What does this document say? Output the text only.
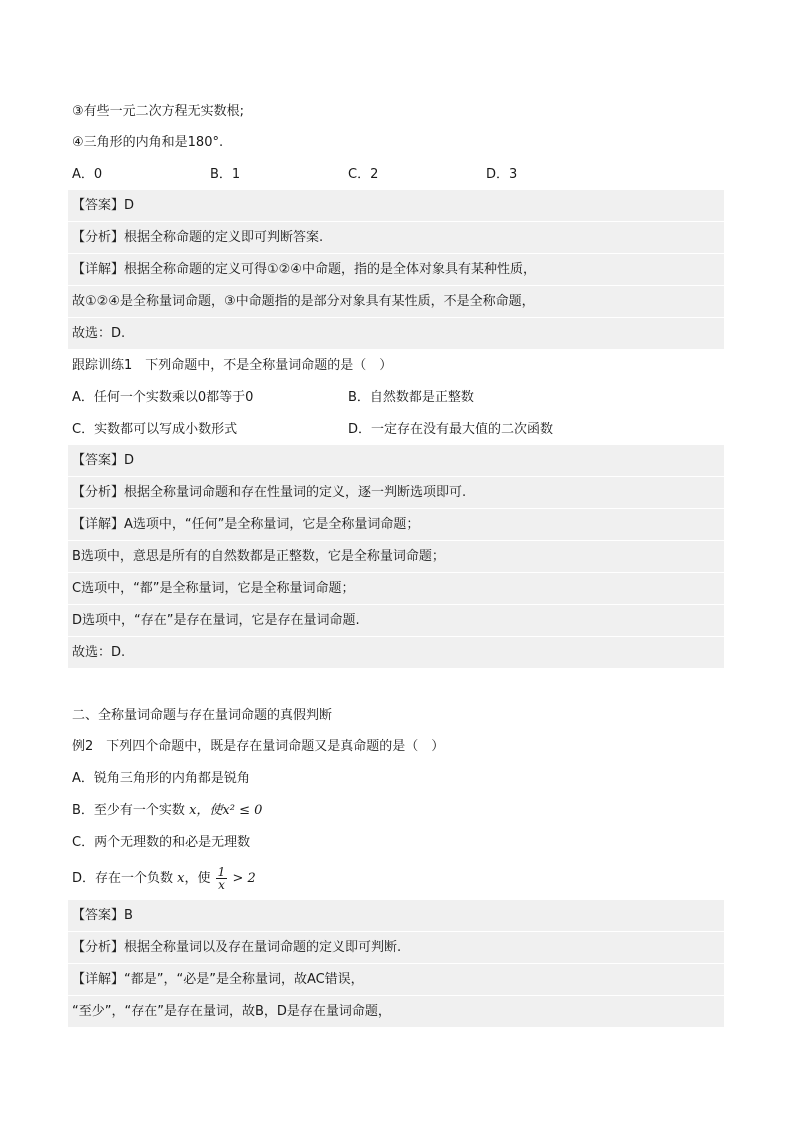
③有些一元二次方程无实数根;
④三角形的内角和是180°.
A．0	B．1	C．2	D．3
【答案】D
【分析】根据全称命题的定义即可判断答案.
【详解】根据全称命题的定义可得①②④中命题，指的是全体对象具有某种性质，
故①②④是全称量词命题，③中命题指的是部分对象具有某性质，不是全称命题，
故选：D.
跟踪训练1　下列命题中，不是全称量词命题的是（　）
A．任何一个实数乘以0都等于0	B．自然数都是正整数
C．实数都可以写成小数形式	D．一定存在没有最大值的二次函数
【答案】D
【分析】根据全称量词命题和存在性量词的定义，逐一判断选项即可.
【详解】A选项中，“任何”是全称量词，它是全称量词命题；
B选项中，意思是所有的自然数都是正整数，它是全称量词命题；
C选项中，“都”是全称量词，它是全称量词命题；
D选项中，“存在”是存在量词，它是存在量词命题.
故选：D.
二、全称量词命题与存在量词命题的真假判断
例2　下列四个命题中，既是存在量词命题又是真命题的是（　）
A．锐角三角形的内角都是锐角
B．至少有一个实数 x，使x² ≤ 0
C．两个无理数的和必是无理数
D．存在一个负数 x，使 $\frac{1}{x} > 2$
【答案】B
【分析】根据全称量词以及存在量词命题的定义即可判断.
【详解】“都是”，“必是”是全称量词，故AC错误，
“至少”，“存在”是存在量词，故B，D是存在量词命题，
